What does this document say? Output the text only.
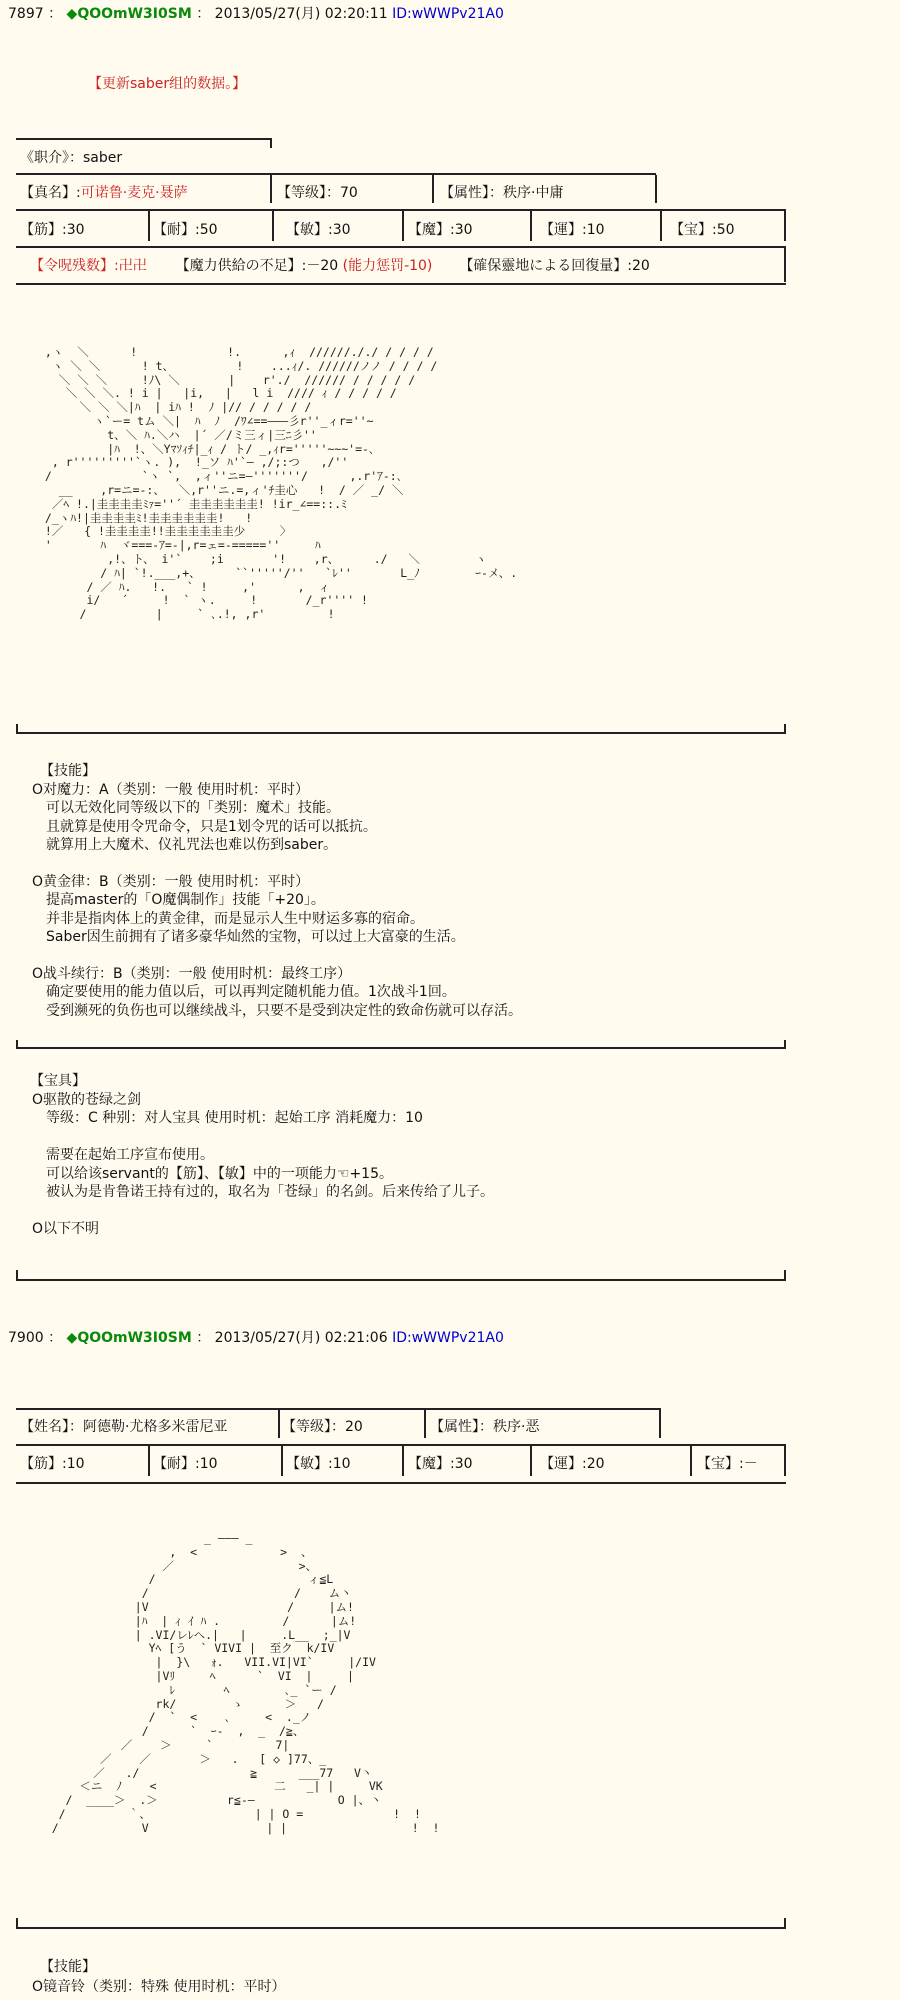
7897 ： ◆QOOmW3I0SM ： 2013/05/27(月) 02:20:11 ID:wWWPv21A0
【更新saber组的数据。】
《职介》：saber
【真名】:可诺鲁·麦克·聂萨	【等级】：70	【属性】：秩序·中庸
【筋】:30	【耐】:50	【敏】:30	【魔】:30	【運】:10	【宝】:50
【令呪残数】:卍卍 【魔力供給の不足】:－20 (能力惩罚-10) 【確保靈地による回復量】:20
,ヽ  ＼      !             !.      ,ｨ  //////././ / / / /
ヽ ＼ ＼      ! t、         !    ...ｨ/. //////ノノ / / / /
＼ ＼ ＼     !ﾉ\ ＼       |    r'./  ////// / / / / /
＼ ＼ ＼. ! i |   |i,   |   l i  //// ｨ / / / / /
＼ ＼ ＼|ﾊ  | iﾊ !  ﾉ |// / / / / /
ヽ`ー= tム ＼|  ﾊ  ﾉ  /ﾜ∠==―――彡r''_ィr=''~
t、＼ ﾊ.＼ハ  |´ ／/ミ三ィ|三ﾆ彡''
|ﾊ  !、＼Yﾏｿｨﾁ|_ｨ / ト/ _,ｨr='''''~~~'=-､
, r'''''''''`ヽ. ),  !_ソ ﾊ'`― ,/;:つ   ,/''
/             `ヽ `,  ,ィ''ニ=―'''''''/      ,.r'ｱ-:､
__    ,r=ニ=-:、  ＼,r''ニ.=,ィ'ﾁ圭心   !  / ／ _/ ＼
／ﾍ !.|圭圭圭圭ﾐｧ=''´ 圭圭圭圭圭圭! !ir_∠==::.ﾐ
/_ヽﾊ!|圭圭圭圭ﾐ!圭圭圭圭圭圭!   !
!／   { !圭圭圭圭!!圭圭圭圭圭圭少     〉
'       ﾊ  ヾ===-ｱ=-|,r=ェ=-=====''     ﾊ
,!、ト、 i'`    ;i       '!    ,r、     ./   ＼        ヽ
/ ﾊ| `!.___,+、     ``'''''/''   `ﾚ''       L_ﾉ        ｰ-メ、.
/ ／ ﾊ.   !.   ` !     ,'      ,  ィ
i/   ´     !  ` ヽ.     !       /_r'''' !
/          |     ` ､.!, ,r'         !
【技能】
O对魔力：A（类别：一般 使用时机：平时）
可以无效化同等级以下的「类别：魔术」技能。
且就算是使用令咒命令，只是1划令咒的话可以抵抗。
就算用上大魔术、仪礼咒法也难以伤到saber。
O黄金律：B（类别：一般 使用时机：平时）
提高master的「O魔偶制作」技能「+20」。
并非是指肉体上的黄金律，而是显示人生中财运多寡的宿命。
Saber因生前拥有了诸多豪华灿然的宝物，可以过上大富豪的生活。
O战斗续行：B（类别：一般 使用时机：最终工序）
确定要使用的能力值以后，可以再判定随机能力值。1次战斗1回。
受到濒死的负伤也可以继续战斗，只要不是受到决定性的致命伤就可以存活。
【宝具】
O驱散的苍绿之剑
等级：C 种别：对人宝具 使用时机：起始工序 消耗魔力：10
需要在起始工序宣布使用。
可以给该servant的【筋】、【敏】中的一项能力☜+15。
被认为是肯鲁诺王持有过的，取名为「苍绿」的名剑。后来传给了儿子。
O以下不明
7900 ： ◆QOOmW3I0SM ： 2013/05/27(月) 02:21:06 ID:wWWPv21A0
【姓名】：阿德勒·尤格多米雷尼亚	【等级】：20	【属性】：秩序·恶
【筋】:10	【耐】:10	【敏】:10	【魔】:30	【運】:20	【宝】:－
_ ――― _
,  <            >  、
／                  >、
/                      ィ≦L
/                     /    ム丶
|V                    /     |ム!
|ﾊ  | ｨ ｲ ﾊ .         /      |ム!
| .VI/レﾚヘ.|   |     .L__  ;_|V
Yﾍ [う  ` VIVI |  至ク  k/IV
|  }\   ｫ.   VII.VI|VI`     |/IV
|Vﾘ     ﾍ      `  VI  |     |
ﾚ       ﾍ        ､_ `ー /
rk/        ゝ      ＞   /
/  `  <    ､     <  ._ノ
/      `  ｰ-  ,  _  /≧、
／    ＞     `         7|
／    ／       ＞   .   [ ◇ ]77、_
／   ./                ≧      ___77   V丶
＜ニ  ﾉ    <                 二   _| |     VK
/  ____＞  .＞          r≦-―            O |、丶
/         ｀、               | | O =             !  !
/            V                 | |                  !  !
【技能】
O镜音铃（类别：特殊 使用时机：平时）
